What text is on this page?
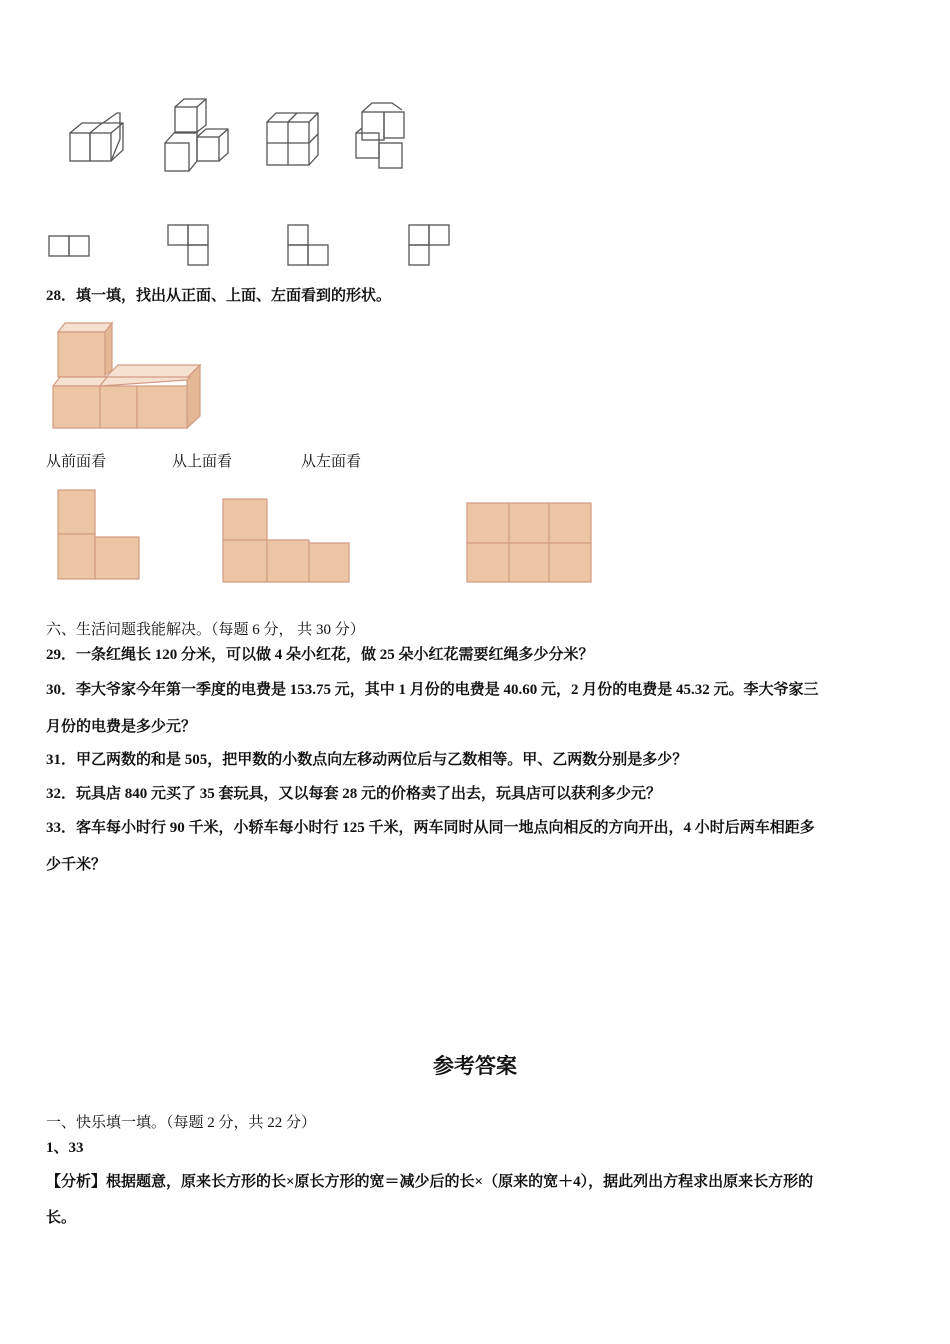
28．填一填，找出从正面、上面、左面看到的形状。
从前面看	从上面看	从左面看
六、生活问题我能解决。（每题 6 分， 共 30 分）
29．一条红绳长 120 分米，可以做 4 朵小红花，做 25 朵小红花需要红绳多少分米？
30．李大爷家今年第一季度的电费是 153.75 元，其中 1 月份的电费是 40.60 元，2 月份的电费是 45.32 元。李大爷家三
月份的电费是多少元？
31．甲乙两数的和是 505，把甲数的小数点向左移动两位后与乙数相等。甲、乙两数分别是多少？
32．玩具店 840 元买了 35 套玩具，又以每套 28 元的价格卖了出去，玩具店可以获利多少元？
33．客车每小时行 90 千米，小轿车每小时行 125 千米，两车同时从同一地点向相反的方向开出，4 小时后两车相距多
少千米？
参考答案
一、快乐填一填。（每题 2 分，共 22 分）
1、33
【分析】根据题意，原来长方形的长×原长方形的宽＝减少后的长×（原来的宽＋4），据此列出方程求出原来长方形的
长。
